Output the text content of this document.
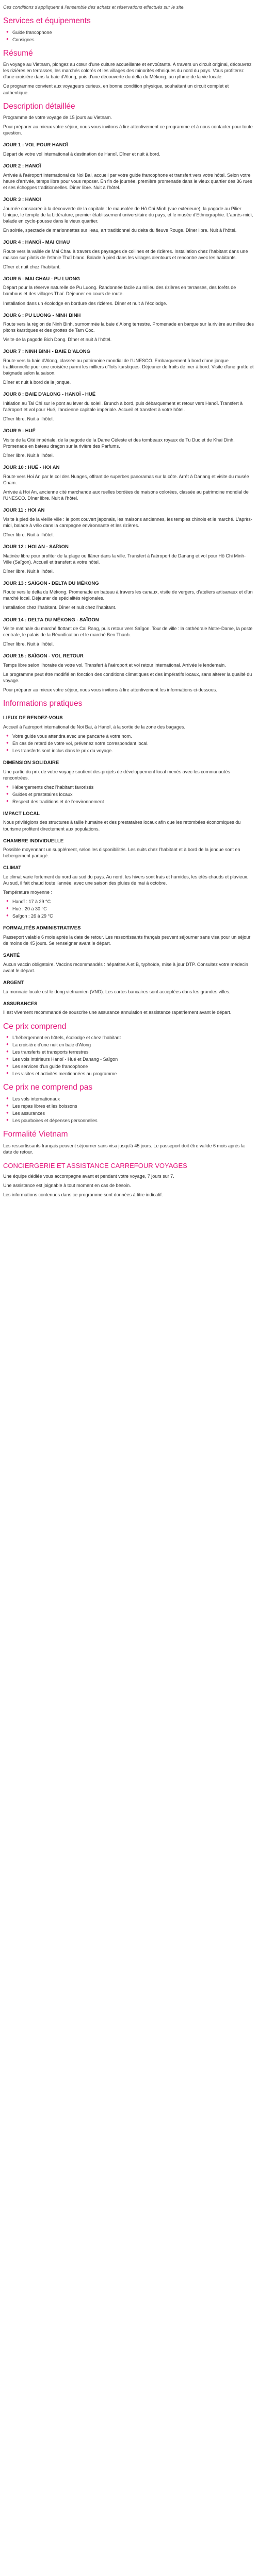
Ces conditions s'appliquent à l'ensemble des achats et réservations effectués sur le site.

Services et équipements
● Guide francophone
● Consignes
Résumé

En voyage au Vietnam, plongez au cœur d'une culture accueillante et envoûtante. À travers un circuit original, découvrez les rizières en terrasses, les marchés colorés et les villages des minorités ethniques du nord du pays. Vous profiterez d'une croisière dans la baie d'Along, puis d'une découverte du delta du Mékong, au rythme de la vie locale.

Ce programme convient aux voyageurs curieux, en bonne condition physique, souhaitant un circuit complet et authentique.

Description détaillée

Programme de votre voyage de 15 jours au Vietnam.

Pour préparer au mieux votre séjour, nous vous invitons à lire attentivement ce programme et à nous contacter pour toute question.

JOUR 1 : VOL POUR HANOÏ

Départ de votre vol international à destination de Hanoï. Dîner et nuit à bord.

JOUR 2 : HANOÏ

Arrivée à l'aéroport international de Noi Bai, accueil par votre guide francophone et transfert vers votre hôtel. Selon votre heure d'arrivée, temps libre pour vous reposer. En fin de journée, première promenade dans le vieux quartier des 36 rues et ses échoppes traditionnelles. Dîner libre. Nuit à l'hôtel.

JOUR 3 : HANOÏ

Journée consacrée à la découverte de la capitale : le mausolée de Hô Chi Minh (vue extérieure), la pagode au Pilier Unique, le temple de la Littérature, premier établissement universitaire du pays, et le musée d'Ethnographie. L'après-midi, balade en cyclo-pousse dans le vieux quartier.

En soirée, spectacle de marionnettes sur l'eau, art traditionnel du delta du fleuve Rouge. Dîner libre. Nuit à l'hôtel.

JOUR 4 : HANOÏ - MAI CHAU

Route vers la vallée de Mai Chau à travers des paysages de collines et de rizières. Installation chez l'habitant dans une maison sur pilotis de l'ethnie Thaï blanc. Balade à pied dans les villages alentours et rencontre avec les habitants.

Dîner et nuit chez l'habitant.

JOUR 5 : MAI CHAU - PU LUONG

Départ pour la réserve naturelle de Pu Luong. Randonnée facile au milieu des rizières en terrasses, des forêts de bambous et des villages Thaï. Déjeuner en cours de route.

Installation dans un écolodge en bordure des rizières. Dîner et nuit à l'écolodge.

JOUR 6 : PU LUONG - NINH BINH

Route vers la région de Ninh Binh, surnommée la baie d'Along terrestre. Promenade en barque sur la rivière au milieu des pitons karstiques et des grottes de Tam Coc.

Visite de la pagode Bich Dong. Dîner et nuit à l'hôtel.

JOUR 7 : NINH BINH - BAIE D'ALONG

Route vers la baie d'Along, classée au patrimoine mondial de l'UNESCO. Embarquement à bord d'une jonque traditionnelle pour une croisière parmi les milliers d'îlots karstiques. Déjeuner de fruits de mer à bord. Visite d'une grotte et baignade selon la saison.

Dîner et nuit à bord de la jonque.

JOUR 8 : BAIE D'ALONG - HANOÏ - HUÉ

Initiation au Tai Chi sur le pont au lever du soleil. Brunch à bord, puis débarquement et retour vers Hanoï. Transfert à l'aéroport et vol pour Hué, l'ancienne capitale impériale. Accueil et transfert à votre hôtel.

Dîner libre. Nuit à l'hôtel.

JOUR 9 : HUÉ

Visite de la Cité impériale, de la pagode de la Dame Céleste et des tombeaux royaux de Tu Duc et de Khai Dinh. Promenade en bateau dragon sur la rivière des Parfums.

Dîner libre. Nuit à l'hôtel.

JOUR 10 : HUÉ - HOI AN

Route vers Hoi An par le col des Nuages, offrant de superbes panoramas sur la côte. Arrêt à Danang et visite du musée Cham.

Arrivée à Hoi An, ancienne cité marchande aux ruelles bordées de maisons colorées, classée au patrimoine mondial de l'UNESCO. Dîner libre. Nuit à l'hôtel.

JOUR 11 : HOI AN

Visite à pied de la vieille ville : le pont couvert japonais, les maisons anciennes, les temples chinois et le marché. L'après-midi, balade à vélo dans la campagne environnante et les rizières.

Dîner libre. Nuit à l'hôtel.

JOUR 12 : HOI AN - SAÏGON

Matinée libre pour profiter de la plage ou flâner dans la ville. Transfert à l'aéroport de Danang et vol pour Hô Chi Minh-Ville (Saïgon). Accueil et transfert à votre hôtel.

Dîner libre. Nuit à l'hôtel.

JOUR 13 : SAÏGON - DELTA DU MÉKONG

Route vers le delta du Mékong. Promenade en bateau à travers les canaux, visite de vergers, d'ateliers artisanaux et d'un marché local. Déjeuner de spécialités régionales.

Installation chez l'habitant. Dîner et nuit chez l'habitant.

JOUR 14 : DELTA DU MÉKONG - SAÏGON

Visite matinale du marché flottant de Cai Rang, puis retour vers Saïgon. Tour de ville : la cathédrale Notre-Dame, la poste centrale, le palais de la Réunification et le marché Ben Thanh.

Dîner libre. Nuit à l'hôtel.

JOUR 15 : SAÏGON - VOL RETOUR

Temps libre selon l'horaire de votre vol. Transfert à l'aéroport et vol retour international. Arrivée le lendemain.

Le programme peut être modifié en fonction des conditions climatiques et des impératifs locaux, sans altérer la qualité du voyage.

Pour préparer au mieux votre séjour, nous vous invitons à lire attentivement les informations ci-dessous.

Informations pratiques
LIEUX DE RENDEZ-VOUS

Accueil à l'aéroport international de Noi Bai, à Hanoï, à la sortie de la zone des bagages.

● Votre guide vous attendra avec une pancarte à votre nom.
● En cas de retard de votre vol, prévenez notre correspondant local.
● Les transferts sont inclus dans le prix du voyage.
DIMENSION SOLIDAIRE

Une partie du prix de votre voyage soutient des projets de développement local menés avec les communautés rencontrées.

● Hébergements chez l'habitant favorisés
● Guides et prestataires locaux
● Respect des traditions et de l'environnement
IMPACT LOCAL

Nous privilégions des structures à taille humaine et des prestataires locaux afin que les retombées économiques du tourisme profitent directement aux populations.

CHAMBRE INDIVIDUELLE

Possible moyennant un supplément, selon les disponibilités. Les nuits chez l'habitant et à bord de la jonque sont en hébergement partagé.

CLIMAT

Le climat varie fortement du nord au sud du pays. Au nord, les hivers sont frais et humides, les étés chauds et pluvieux. Au sud, il fait chaud toute l'année, avec une saison des pluies de mai à octobre.

Température moyenne :

● Hanoï : 17 à 29 °C
● Hué : 20 à 30 °C
● Saïgon : 26 à 29 °C
FORMALITÉS ADMINISTRATIVES

Passeport valable 6 mois après la date de retour. Les ressortissants français peuvent séjourner sans visa pour un séjour de moins de 45 jours. Se renseigner avant le départ.

SANTÉ

Aucun vaccin obligatoire. Vaccins recommandés : hépatites A et B, typhoïde, mise à jour DTP. Consultez votre médecin avant le départ.

ARGENT

La monnaie locale est le dong vietnamien (VND). Les cartes bancaires sont acceptées dans les grandes villes.

ASSURANCES

Il est vivement recommandé de souscrire une assurance annulation et assistance rapatriement avant le départ.

Ce prix comprend
● L'hébergement en hôtels, écolodge et chez l'habitant
● La croisière d'une nuit en baie d'Along
● Les transferts et transports terrestres
● Les vols intérieurs Hanoï - Hué et Danang - Saïgon
● Les services d'un guide francophone
● Les visites et activités mentionnées au programme
Ce prix ne comprend pas
● Les vols internationaux
● Les repas libres et les boissons
● Les assurances
● Les pourboires et dépenses personnelles
Formalité Vietnam

Les ressortissants français peuvent séjourner sans visa jusqu'à 45 jours. Le passeport doit être valide 6 mois après la date de retour.

CONCIERGERIE ET ASSISTANCE CARREFOUR VOYAGES

Une équipe dédiée vous accompagne avant et pendant votre voyage, 7 jours sur 7.

Une assistance est joignable à tout moment en cas de besoin.

Les informations contenues dans ce programme sont données à titre indicatif.
